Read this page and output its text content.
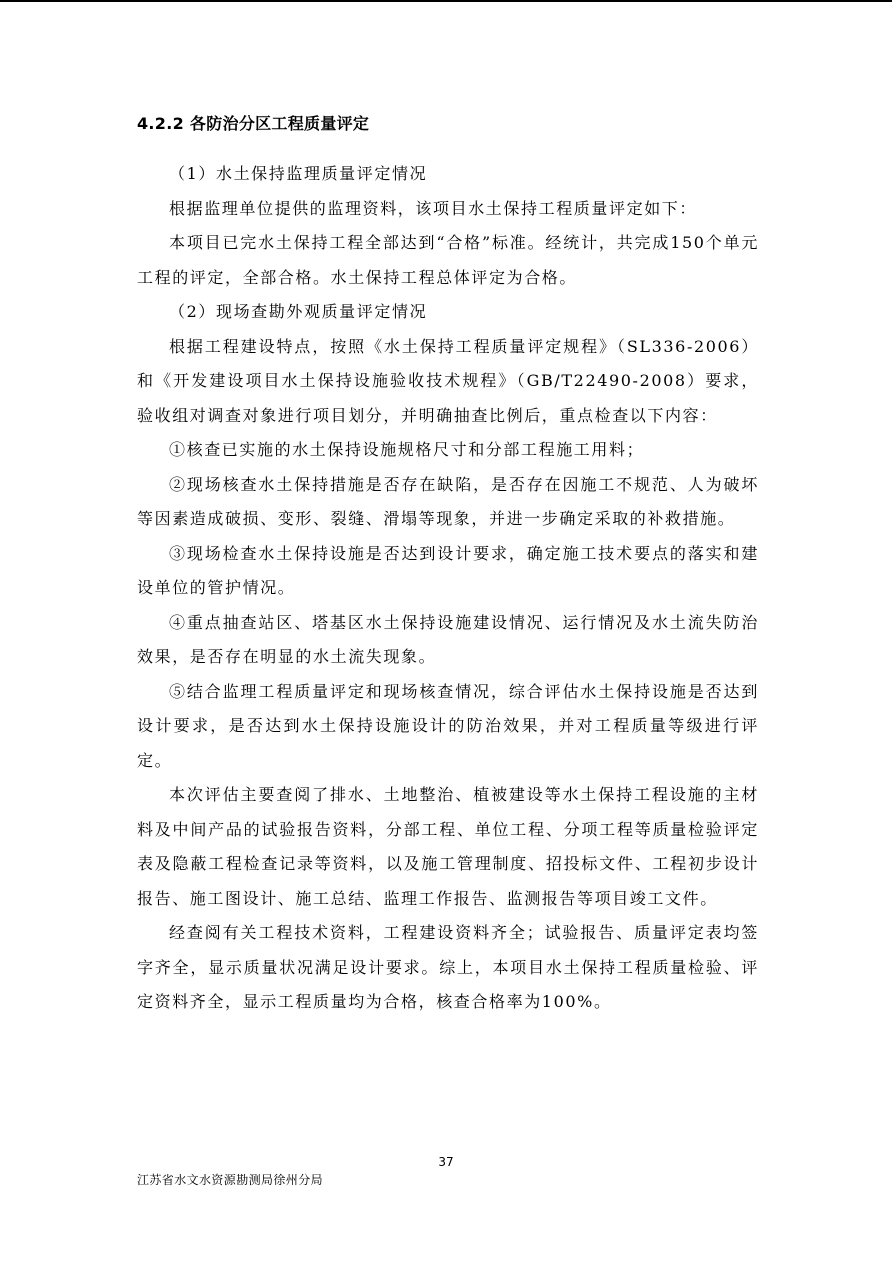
4.2.2 各防治分区工程质量评定

（1）水土保持监理质量评定情况

根据监理单位提供的监理资料，该项目水土保持工程质量评定如下：

本项目已完水土保持工程全部达到“合格”标准。经统计，共完成150个单元工程的评定，全部合格。水土保持工程总体评定为合格。

（2）现场查勘外观质量评定情况

根据工程建设特点，按照《水土保持工程质量评定规程》（SL336-2006）和《开发建设项目水土保持设施验收技术规程》（GB/T22490-2008）要求，验收组对调查对象进行项目划分，并明确抽查比例后，重点检查以下内容：

①核查已实施的水土保持设施规格尺寸和分部工程施工用料；

②现场核查水土保持措施是否存在缺陷，是否存在因施工不规范、人为破坏等因素造成破损、变形、裂缝、滑塌等现象，并进一步确定采取的补救措施。

③现场检查水土保持设施是否达到设计要求，确定施工技术要点的落实和建设单位的管护情况。

④重点抽查站区、塔基区水土保持设施建设情况、运行情况及水土流失防治效果，是否存在明显的水土流失现象。

⑤结合监理工程质量评定和现场核查情况，综合评估水土保持设施是否达到设计要求，是否达到水土保持设施设计的防治效果，并对工程质量等级进行评定。

本次评估主要查阅了排水、土地整治、植被建设等水土保持工程设施的主材料及中间产品的试验报告资料，分部工程、单位工程、分项工程等质量检验评定表及隐蔽工程检查记录等资料，以及施工管理制度、招投标文件、工程初步设计报告、施工图设计、施工总结、监理工作报告、监测报告等项目竣工文件。

经查阅有关工程技术资料，工程建设资料齐全；试验报告、质量评定表均签字齐全，显示质量状况满足设计要求。综上，本项目水土保持工程质量检验、评定资料齐全，显示工程质量均为合格，核查合格率为100%。

37
江苏省水文水资源勘测局徐州分局
